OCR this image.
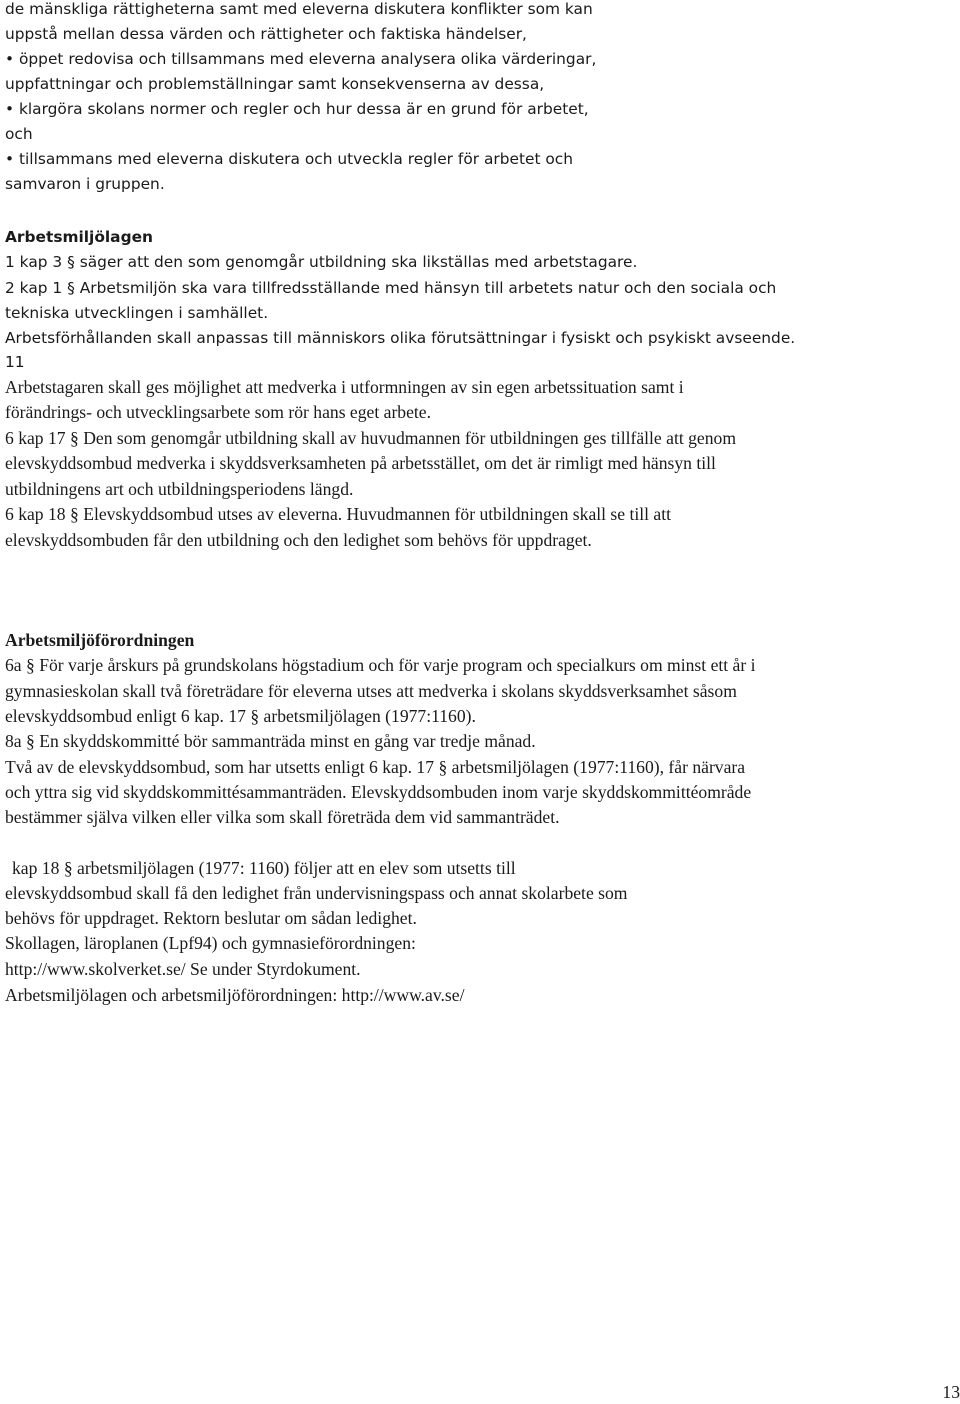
de mänskliga rättigheterna samt med eleverna diskutera konflikter som kan
uppstå mellan dessa värden och rättigheter och faktiska händelser,
• öppet redovisa och tillsammans med eleverna analysera olika värderingar,
uppfattningar och problemställningar samt konsekvenserna av dessa,
• klargöra skolans normer och regler och hur dessa är en grund för arbetet,
och
• tillsammans med eleverna diskutera och utveckla regler för arbetet och
samvaron i gruppen.
Arbetsmiljölagen
1 kap 3 § säger att den som genomgår utbildning ska likställas med arbetstagare.
2 kap 1 § Arbetsmiljön ska vara tillfredsställande med hänsyn till arbetets natur och den sociala och
tekniska utvecklingen i samhället.
Arbetsförhållanden skall anpassas till människors olika förutsättningar i fysiskt och psykiskt avseende.
11
Arbetstagaren skall ges möjlighet att medverka i utformningen av sin egen arbetssituation samt i
förändrings- och utvecklingsarbete som rör hans eget arbete.
6 kap 17 § Den som genomgår utbildning skall av huvudmannen för utbildningen ges tillfälle att genom
elevskyddsombud medverka i skyddsverksamheten på arbetsstället, om det är rimligt med hänsyn till
utbildningens art och utbildningsperiodens längd.
6 kap 18 § Elevskyddsombud utses av eleverna. Huvudmannen för utbildningen skall se till att
elevskyddsombuden får den utbildning och den ledighet som behövs för uppdraget.
Arbetsmiljöförordningen
6a § För varje årskurs på grundskolans högstadium och för varje program och specialkurs om minst ett år i
gymnasieskolan skall två företrädare för eleverna utses att medverka i skolans skyddsverksamhet såsom
elevskyddsombud enligt 6 kap. 17 § arbetsmiljölagen (1977:1160).
8a § En skyddskommitté bör sammanträda minst en gång var tredje månad.
Två av de elevskyddsombud, som har utsetts enligt 6 kap. 17 § arbetsmiljölagen (1977:1160), får närvara
och yttra sig vid skyddskommittésammanträden. Elevskyddsombuden inom varje skyddskommittéområde
bestämmer själva vilken eller vilka som skall företräda dem vid sammanträdet.
kap 18 § arbetsmiljölagen (1977: 1160) följer att en elev som utsetts till
elevskyddsombud skall få den ledighet från undervisningspass och annat skolarbete som
behövs för uppdraget. Rektorn beslutar om sådan ledighet.
Skollagen, läroplanen (Lpf94) och gymnasieförordningen:
http://www.skolverket.se/ Se under Styrdokument.
Arbetsmiljölagen och arbetsmiljöförordningen: http://www.av.se/
13
